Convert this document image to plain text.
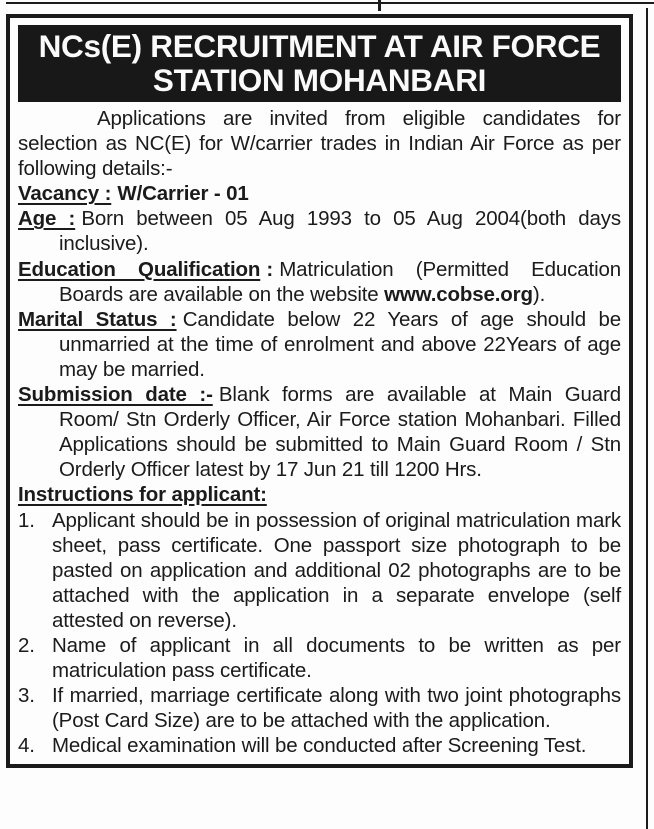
NCs(E) RECRUITMENT AT AIR FORCE
STATION MOHANBARI

Applications are invited from eligible candidates for selection as NC(E) for W/carrier trades in Indian Air Force as per following details:-

Vacancy : W/Carrier - 01

Age : Born between 05 Aug 1993 to 05 Aug 2004(both days inclusive).

Education Qualification : Matriculation (Permitted Education Boards are available on the website www.cobse.org).

Marital Status : Candidate below 22 Years of age should be unmarried at the time of enrolment and above 22Years of age may be married.

Submission date :- Blank forms are available at Main Guard Room/ Stn Orderly Officer, Air Force station Mohanbari. Filled Applications should be submitted to Main Guard Room / Stn Orderly Officer latest by 17 Jun 21 till 1200 Hrs.

Instructions for applicant:

1. Applicant should be in possession of original matriculation mark sheet, pass certificate. One passport size photograph to be pasted on application and additional 02 photographs are to be attached with the application in a separate envelope (self attested on reverse).

2. Name of applicant in all documents to be written as per matriculation pass certificate.

3. If married, marriage certificate along with two joint photographs (Post Card Size) are to be attached with the application.

4. Medical examination will be conducted after Screening Test.
